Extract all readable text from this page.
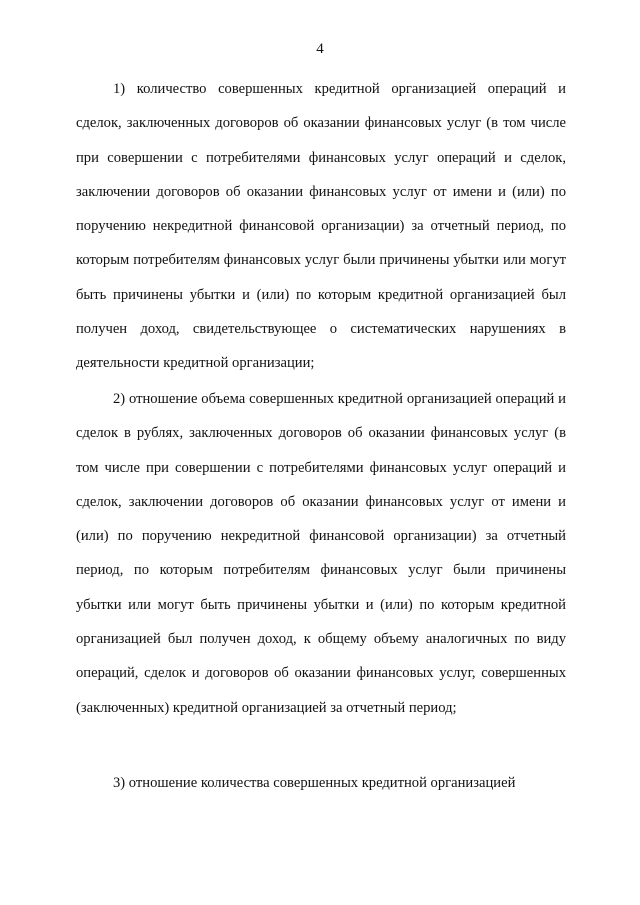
4

1) количество совершенных кредитной организацией операций и сделок, заключенных договоров об оказании финансовых услуг (в том числе при совершении с потребителями финансовых услуг операций и сделок, заключении договоров об оказании финансовых услуг от имени и (или) по поручению некредитной финансовой организации) за отчетный период, по которым потребителям финансовых услуг были причинены убытки или могут быть причинены убытки и (или) по которым кредитной организацией был получен доход, свидетельствующее о систематических нарушениях в деятельности кредитной организации;

2) отношение объема совершенных кредитной организацией операций и сделок в рублях, заключенных договоров об оказании финансовых услуг (в том числе при совершении с потребителями финансовых услуг операций и сделок, заключении договоров об оказании финансовых услуг от имени и (или) по поручению некредитной финансовой организации) за отчетный период, по которым потребителям финансовых услуг были причинены убытки или могут быть причинены убытки и (или) по которым кредитной организацией был получен доход, к общему объему аналогичных по виду операций, сделок и договоров об оказании финансовых услуг, совершенных (заключенных) кредитной организацией за отчетный период;

3) отношение количества совершенных кредитной организацией
